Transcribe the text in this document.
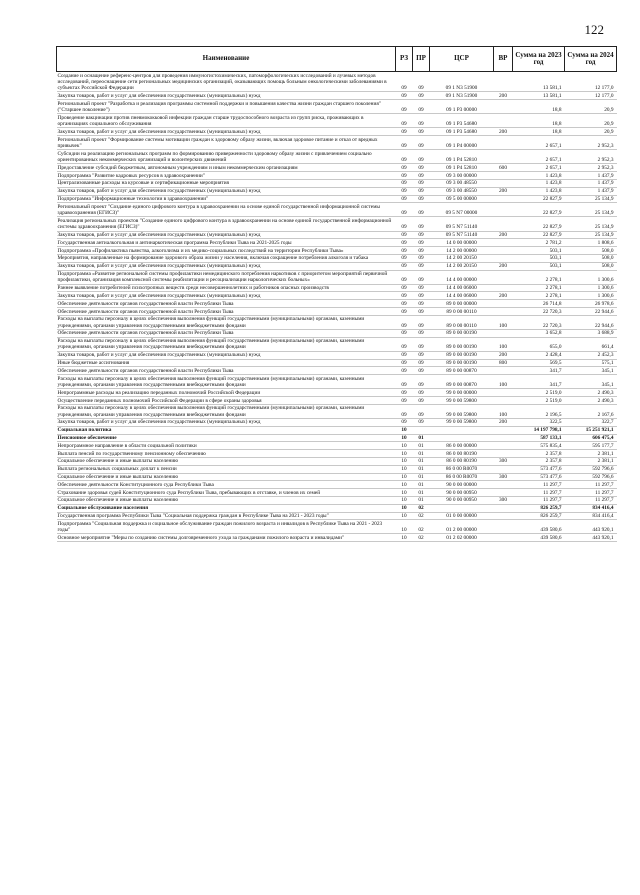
122
Наименование	РЗ	ПР	ЦСР	ВР	Сумма на 2023 год	Сумма на 2024 год
Создание и оснащение референс-центров для проведения иммуногистохимических, патоморфологических исследований и лучевых методов исследований, переоснащение сети региональных медицинских организаций, оказывающих помощь больным онкологическими заболеваниями в субъектах Российской Федерации	09	09	09 1 N3 51900		13 581,1	12 177,0
Закупка товаров, работ и услуг для обеспечения государственных (муниципальных) нужд	09	09	09 1 N3 51900	200	13 581,1	12 177,0
Региональный проект "Разработка и реализация программы системной поддержки и повышения качества жизни граждан старшего поколения" ("Старшее поколение")	09	09	09 1 P3 00000		18,8	20,9
Проведение вакцинации против пневмококковой инфекции граждан старше трудоспособного возраста из групп риска, проживающих в организациях социального обслуживания	09	09	09 1 P3 54680		18,8	20,9
Закупка товаров, работ и услуг для обеспечения государственных (муниципальных) нужд	09	09	09 1 P3 54680	200	18,8	20,9
Региональный проект "Формирование системы мотивации граждан к здоровому образу жизни, включая здоровое питание и отказ от вредных привычек"	09	09	09 1 P4 00000		2 657,1	2 952,3
Субсидии на реализацию региональных программ по формированию приверженности здоровому образу жизни с привлечением социально ориентированных некоммерческих организаций и волонтерских движений	09	09	09 1 P4 52810		2 657,1	2 952,3
Предоставление субсидий бюджетным, автономным учреждениям и иным некоммерческим организациям	09	09	09 1 P4 52810	600	2 657,1	2 952,3
Подпрограмма "Развитие кадровых ресурсов в здравоохранении"	09	09	09 3 00 00000		1 423,8	1 437,9
Централизованные расходы на курсовые и сертификационные мероприятия	09	09	09 3 00 48550		1 423,8	1 437,9
Закупка товаров, работ и услуг для обеспечения государственных (муниципальных) нужд	09	09	09 3 00 48550	200	1 423,8	1 437,9
Подпрограмма "Информационные технологии в здравоохранении"	09	09	09 5 00 00000		22 827,9	25 134,9
Региональный проект "Создание единого цифрового контура в здравоохранении на основе единой государственной информационной системы здравоохранения (ЕГИСЗ)"	09	09	09 5 N7 00000		22 827,9	25 134,9
Реализация региональных проектов "Создание единого цифрового контура в здравоохранении на основе единой государственной информационной системы здравоохранения (ЕГИСЗ)"	09	09	09 5 N7 51140		22 827,9	25 134,9
Закупка товаров, работ и услуг для обеспечения государственных (муниципальных) нужд	09	09	09 5 N7 51140	200	22 827,9	25 134,9
Государственная антиалкогольная и антинаркотическая программа Республики Тыва на 2021-2025 годы	09	09	14 0 00 00000		2 781,2	1 808,6
Подпрограмма «Профилактика пьянства, алкоголизма и их медико-социальных последствий на территории Республики Тыва»	09	09	14 2 00 00000		503,1	508,0
Мероприятия, направленные на формирование здорового образа жизни у населения, включая сокращение потребления алкоголя и табака	09	09	14 2 00 20150		503,1	508,0
Закупка товаров, работ и услуг для обеспечения государственных (муниципальных) нужд	09	09	14 2 00 20150	200	503,1	508,0
Подпрограмма «Развитие региональной системы профилактики немедицинского потребления наркотиков с приоритетом мероприятий первичной профилактики, организация комплексной системы реабилитации и ресоциализации наркологических больных»	09	09	14 4 00 00000		2 278,1	1 300,6
Раннее выявление потребителей психотропных веществ среди несовершеннолетних и работников опасных производств	09	09	14 4 00 06000		2 278,1	1 300,6
Закупка товаров, работ и услуг для обеспечения государственных (муниципальных) нужд	09	09	14 4 00 06000	200	2 278,1	1 300,6
Обеспечение деятельности органов государственной власти Республики Тыва	09	09	89 0 00 00000		26 714,8	26 978,6
Обеспечение деятельности органов государственной власти Республики Тыва	09	09	89 0 00 00110		22 720,3	22 944,6
Расходы на выплаты персоналу в целях обеспечения выполнения функций государственными (муниципальными) органами, казенными учреждениями, органами управления государственными внебюджетными фондами	09	09	89 0 00 00110	100	22 720,3	22 944,6
Обеспечение деятельности органов государственной власти Республики Тыва	09	09	89 0 00 00190		3 652,8	3 688,9
Расходы на выплаты персоналу в целях обеспечения выполнения функций государственными (муниципальными) органами, казенными учреждениями, органами управления государственными внебюджетными фондами	09	09	89 0 00 00190	100	655,0	661,4
Закупка товаров, работ и услуг для обеспечения государственных (муниципальных) нужд	09	09	89 0 00 00190	200	2 428,4	2 452,3
Иные бюджетные ассигнования	09	09	89 0 00 00190	800	569,5	575,1
Обеспечение деятельности органов государственной власти Республики Тыва	09	09	89 0 00 00870		341,7	345,1
Расходы на выплаты персоналу в целях обеспечения выполнения функций государственными (муниципальными) органами, казенными учреждениями, органами управления государственными внебюджетными фондами	09	09	89 0 00 00870	100	341,7	345,1
Непрограммные расходы на реализацию переданных полномочий Российской Федерации	09	09	99 0 00 00000		2 519,0	2 490,3
Осуществление переданных полномочий Российской Федерации в сфере охраны здоровья	09	09	99 0 00 59800		2 519,0	2 490,3
Расходы на выплаты персоналу в целях обеспечения выполнения функций государственными (муниципальными) органами, казенными учреждениями, органами управления государственными внебюджетными фондами	09	09	99 0 00 59800	100	2 196,5	2 167,6
Закупка товаров, работ и услуг для обеспечения государственных (муниципальных) нужд	09	09	99 0 00 59800	200	322,5	322,7
Социальная политика	10				14 197 798,1	15 251 921,1
Пенсионное обеспечение	10	01			587 133,1	606 475,4
Непрограммное направление в области социальной политики	10	01	86 0 00 00000		575 835,4	595 177,7
Выплата пенсий по государственному пенсионному обеспечению	10	01	86 0 00 80190		2 357,8	2 381,1
Социальное обеспечение и иные выплаты населению	10	01	86 0 00 80190	300	2 357,8	2 381,1
Выплата региональных социальных доплат к пенсии	10	01	86 0 00 R0070		573 477,6	592 796,6
Социальное обеспечение и иные выплаты населению	10	01	86 0 00 R0070	300	573 477,6	592 796,6
Обеспечение деятельности Конституционного суда Республики Тыва	10	01	90 0 00 00000		11 297,7	11 297,7
Страхование здоровья судей Конституционного суда Республики Тыва, пребывающих в отставке, и членов их семей	10	01	90 0 00 00950		11 297,7	11 297,7
Социальное обеспечение и иные выплаты населению	10	01	90 0 00 00950	300	11 297,7	11 297,7
Социальное обслуживание населения	10	02			826 259,7	834 416,4
Государственная программа Республики Тыва "Социальная поддержка граждан в Республике Тыва на 2021 - 2023 годы"	10	02	01 0 00 00000		826 259,7	834 416,4
Подпрограмма "Социальная поддержка и социальное обслуживание граждан пожилого возраста и инвалидов в Республике Тыва на 2021 - 2023 годы"	10	02	01 2 00 00000		439 580,6	443 920,1
Основное мероприятие "Меры по созданию системы долговременного ухода за гражданами пожилого возраста и инвалидами"	10	02	01 2 02 00000		439 580,6	443 920,1
